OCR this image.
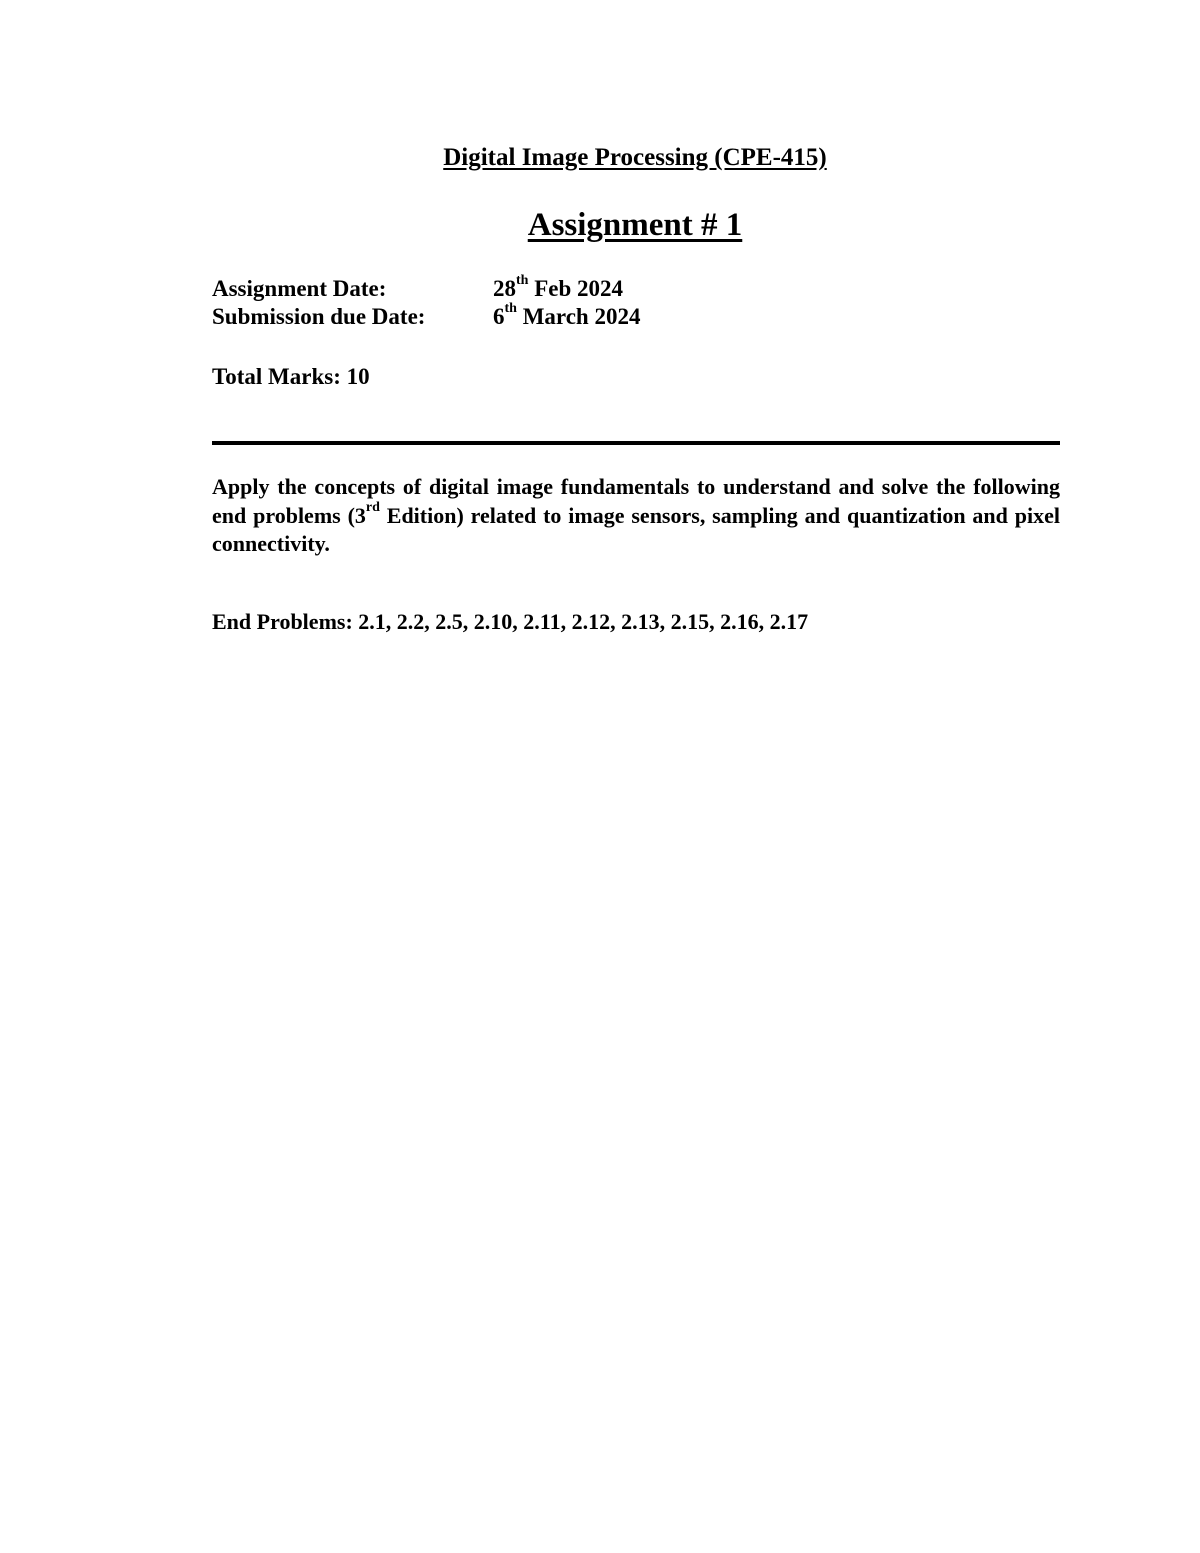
Digital Image Processing (CPE-415)
Assignment # 1
Assignment Date:	28th Feb 2024
Submission due Date:	6th March 2024
Total Marks: 10

Apply the concepts of digital image fundamentals to understand and solve the following end problems (3rd Edition) related to image sensors, sampling and quantization and pixel connectivity.

End Problems: 2.1, 2.2, 2.5, 2.10, 2.11, 2.12, 2.13, 2.15, 2.16, 2.17
